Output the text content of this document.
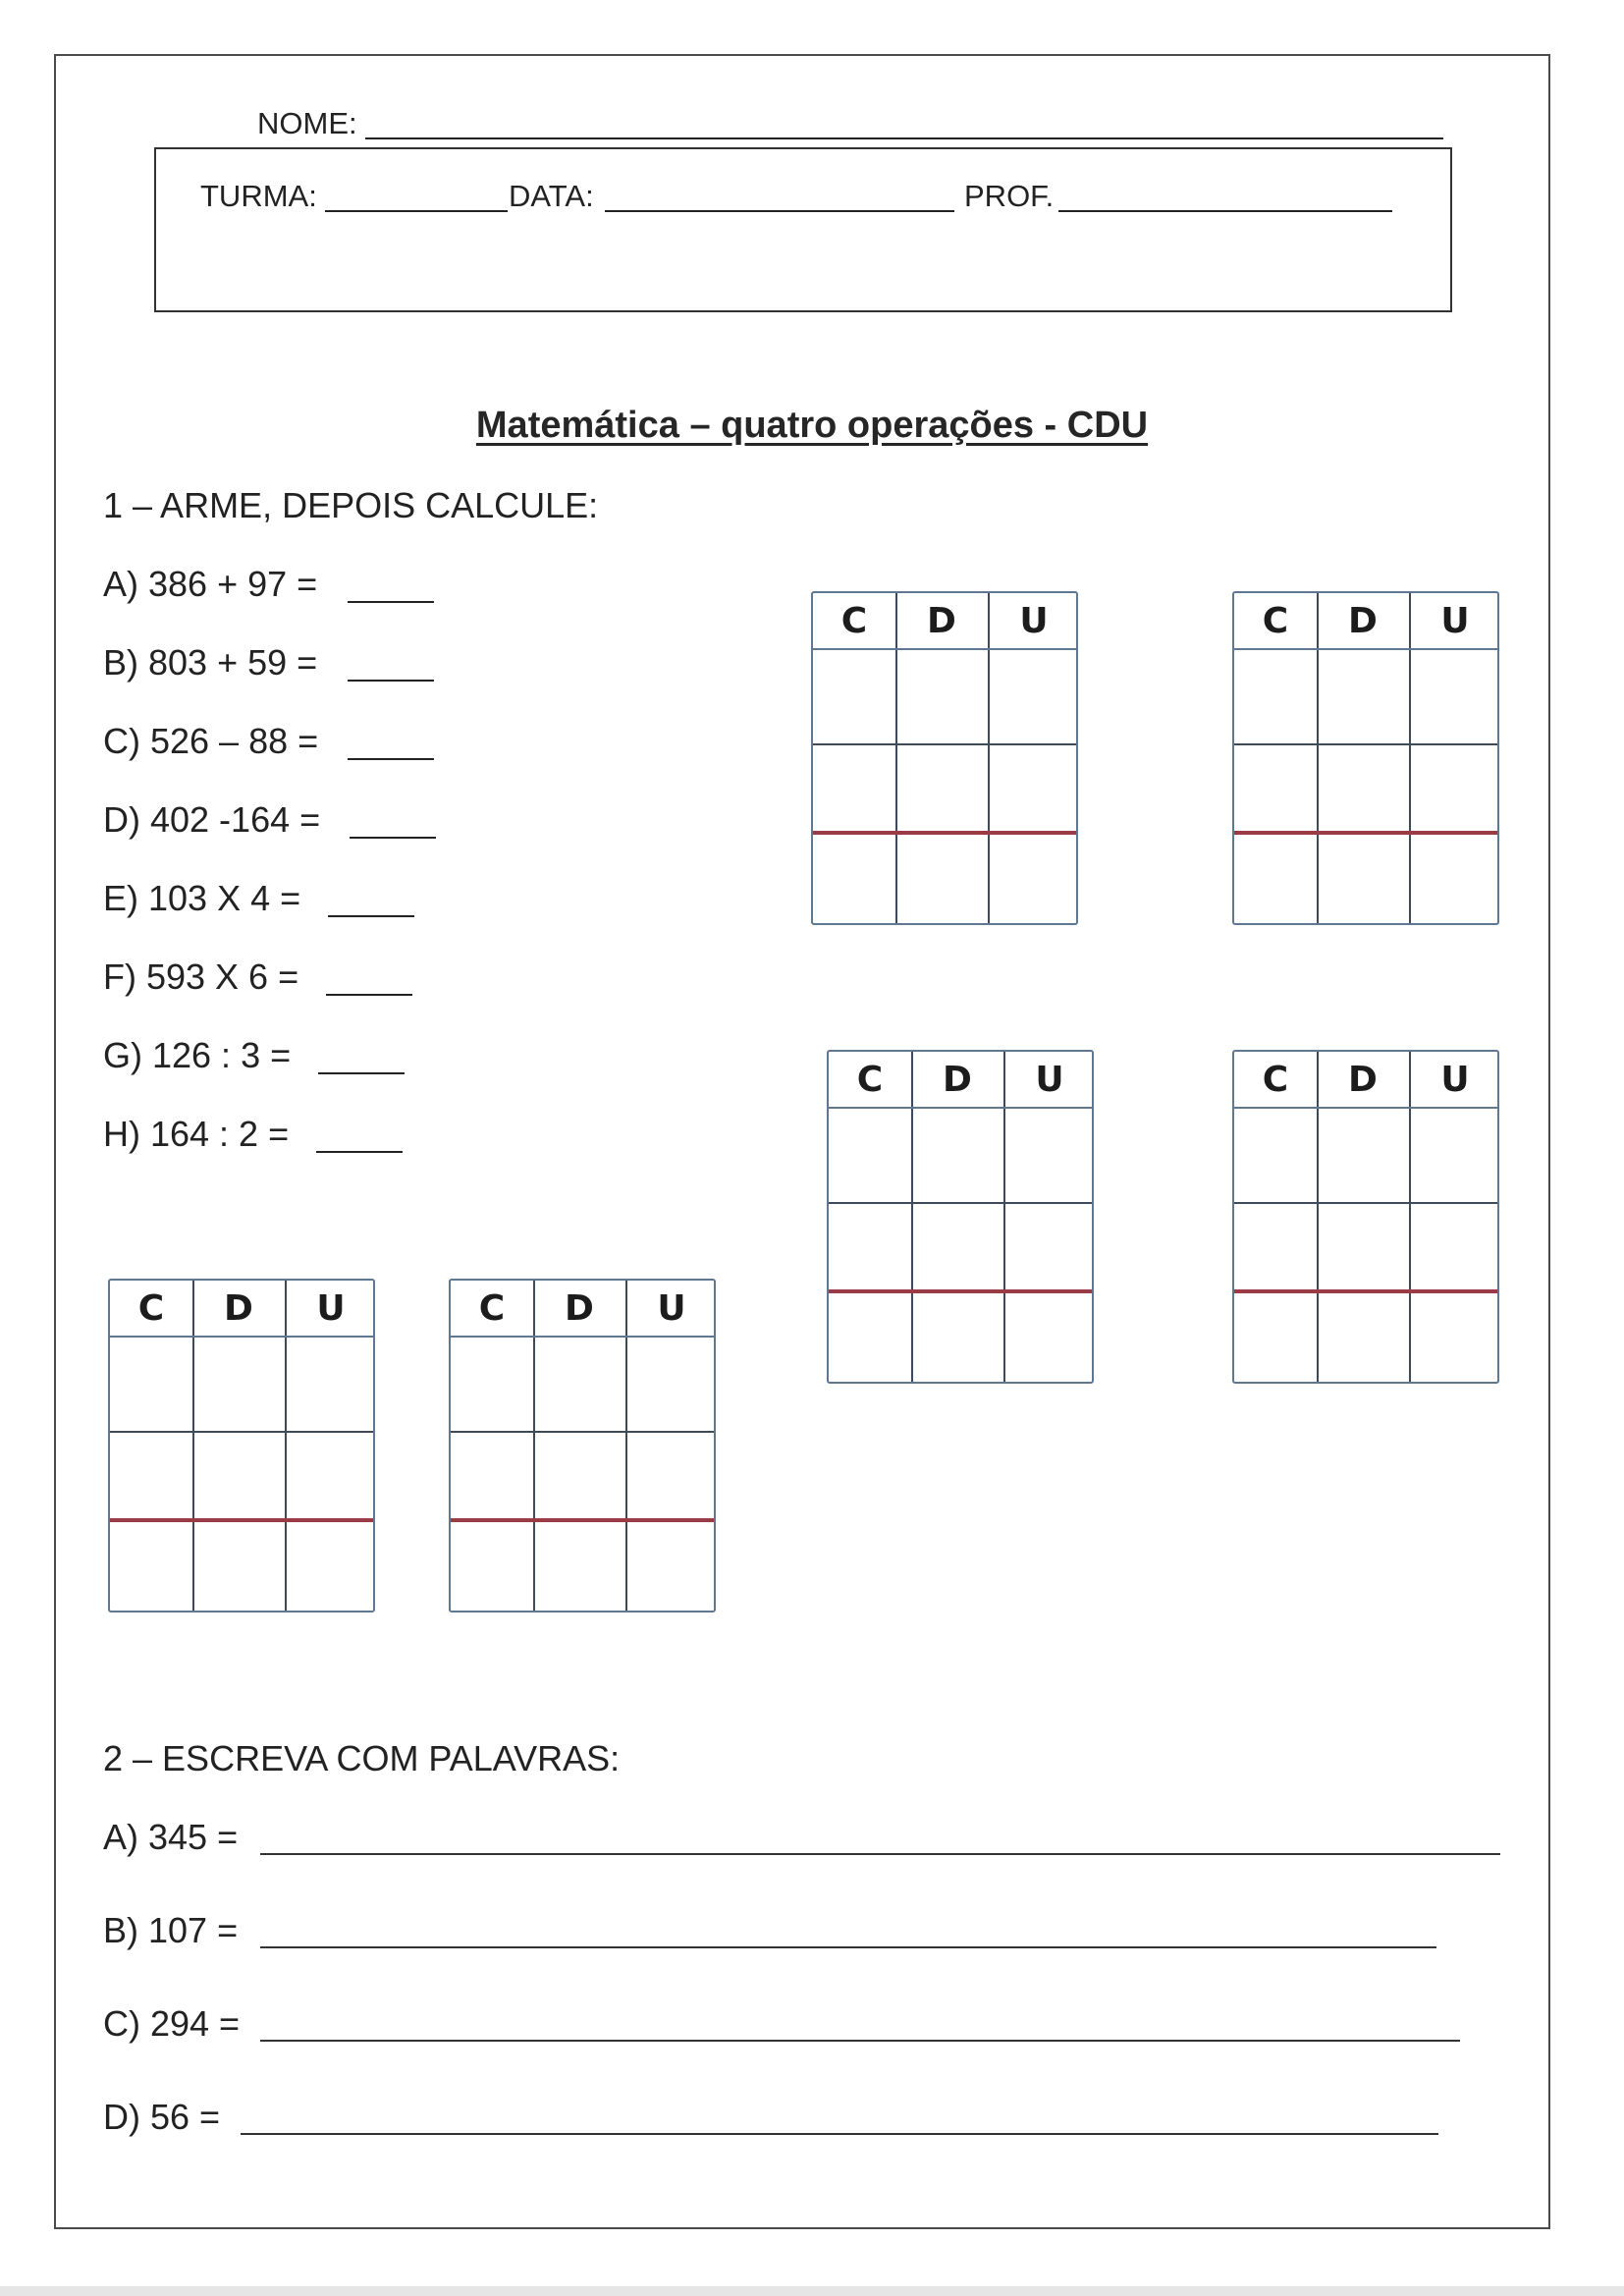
NOME:
TURMA:	DATA:	PROF.
Matemática – quatro operações - CDU
1 – ARME, DEPOIS CALCULE:
A) 386 + 97 =
B) 803 + 59 =
C) 526 – 88 =
D) 402 -164 =
E) 103 X 4 =
F) 593 X 6 =
G) 126 : 3 =
H) 164 : 2 =
C	D	U	C	D	U
C	D	U	C	D	U
C	D	U	C	D	U
2 – ESCREVA COM PALAVRAS:
A) 345 =
B) 107 =
C) 294 =
D) 56 =
